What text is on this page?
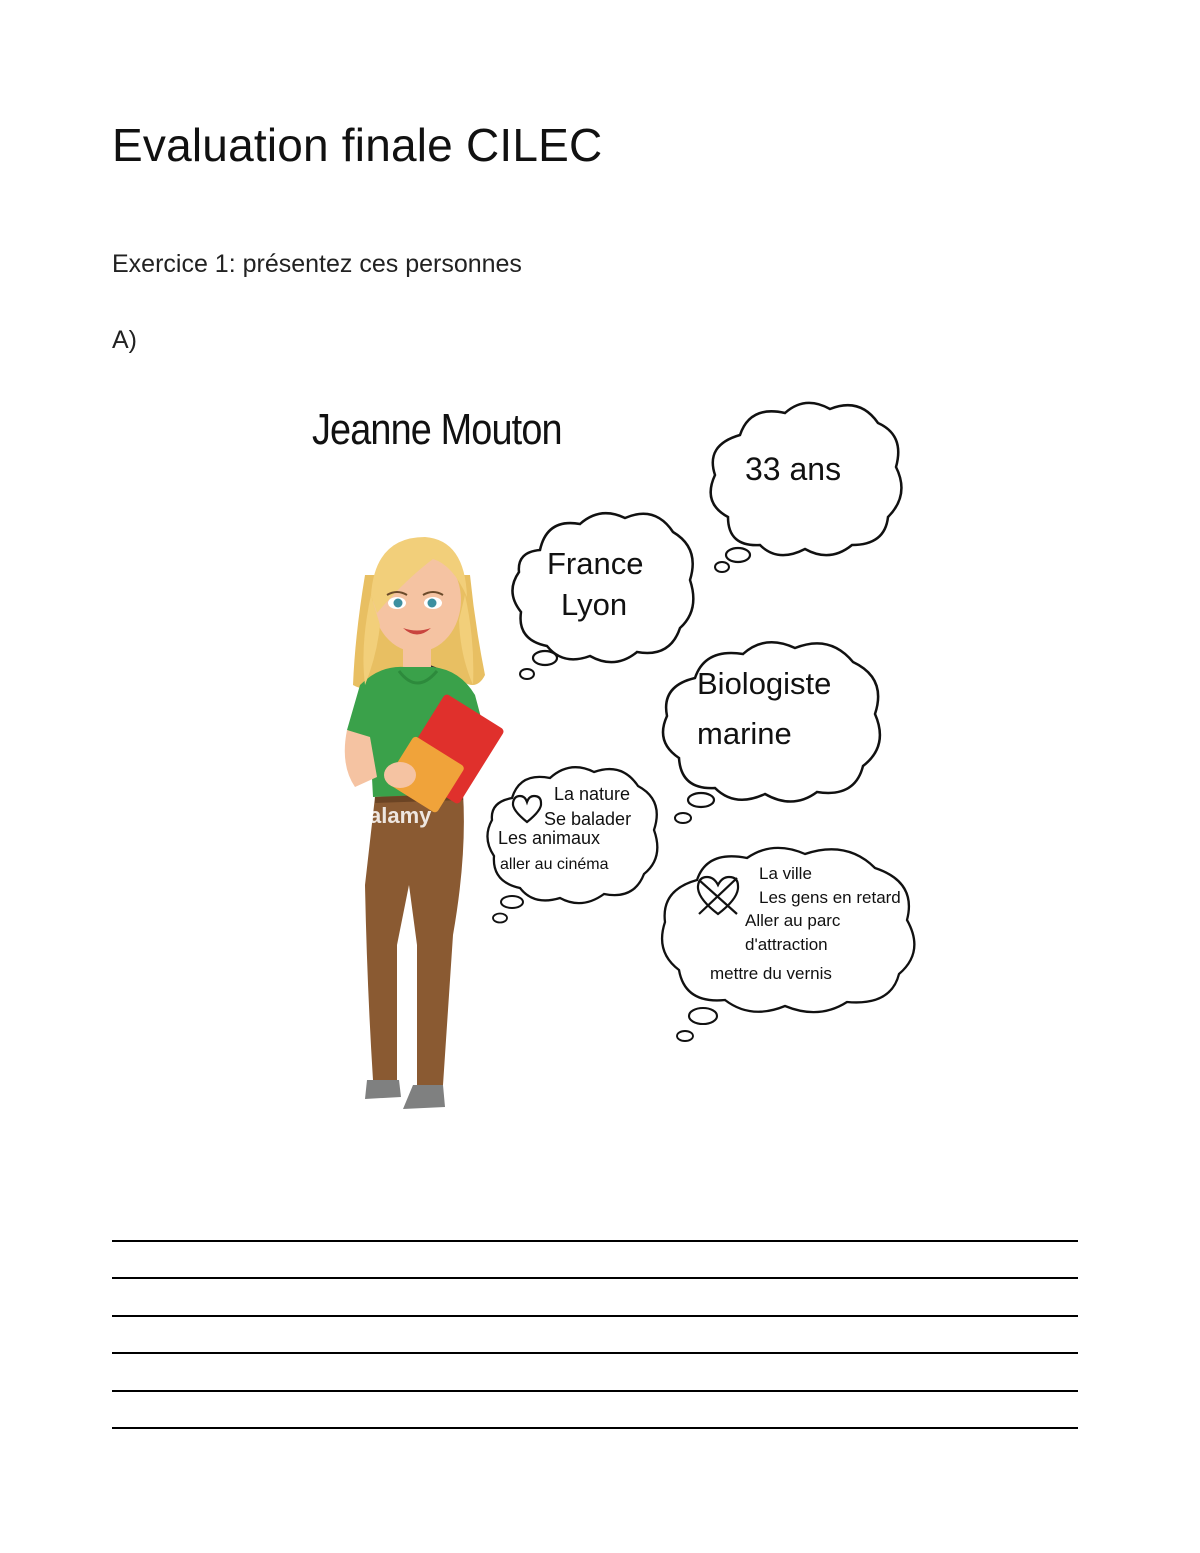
Evaluation finale CILEC
Exercice 1: présentez ces personnes
A)
Jeanne Mouton
alamy
33 ans
France
Lyon
Biologiste
marine
La nature
Se balader
Les animaux
aller au cinéma	La ville
Les gens en retard
Aller au parc
d'attraction
mettre du vernis
